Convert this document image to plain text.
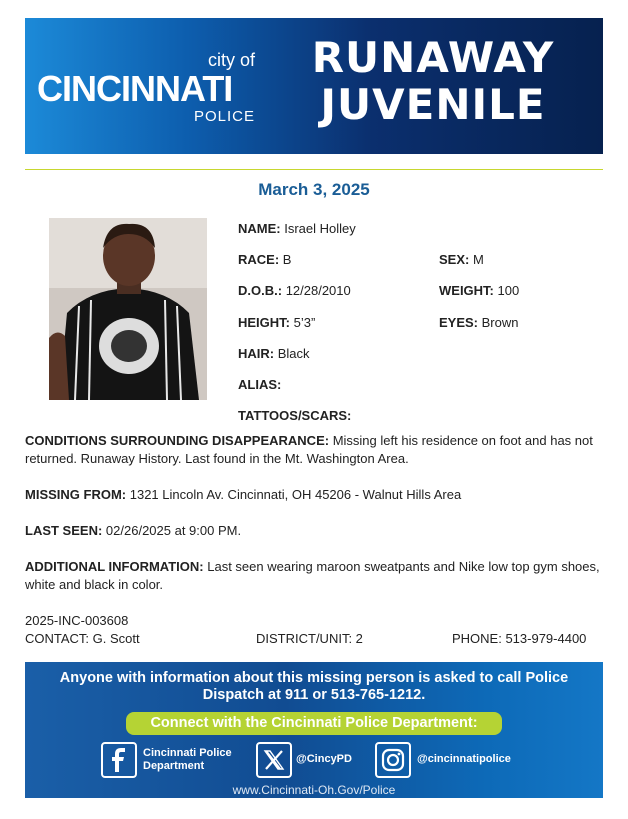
city of
CINCINNATI
POLICE
RUNAWAY
JUVENILE
March 3, 2025
NAME: Israel Holley
RACE: B	SEX: M
D.O.B.: 12/28/2010	WEIGHT: 100
HEIGHT: 5’3”	EYES: Brown
HAIR: Black
ALIAS:
TATTOOS/SCARS:
CONDITIONS SURROUNDING DISAPPEARANCE: Missing left his residence on foot and has not returned. Runaway History. Last found in the Mt. Washington Area.
MISSING FROM: 1321 Lincoln Av. Cincinnati, OH 45206 - Walnut Hills Area
LAST SEEN: 02/26/2025 at 9:00 PM.
ADDITIONAL INFORMATION: Last seen wearing maroon sweatpants and Nike low top gym shoes, white and black in color.
2025-INC-003608
CONTACT: G. Scott	DISTRICT/UNIT: 2	PHONE: 513-979-4400
Anyone with information about this missing person is asked to call Police
Dispatch at 911 or 513-765-1212.
Connect with the Cincinnati Police Department:
Cincinnati Police
Department
@CincyPD	@cincinnatipolice
www.Cincinnati-Oh.Gov/Police
